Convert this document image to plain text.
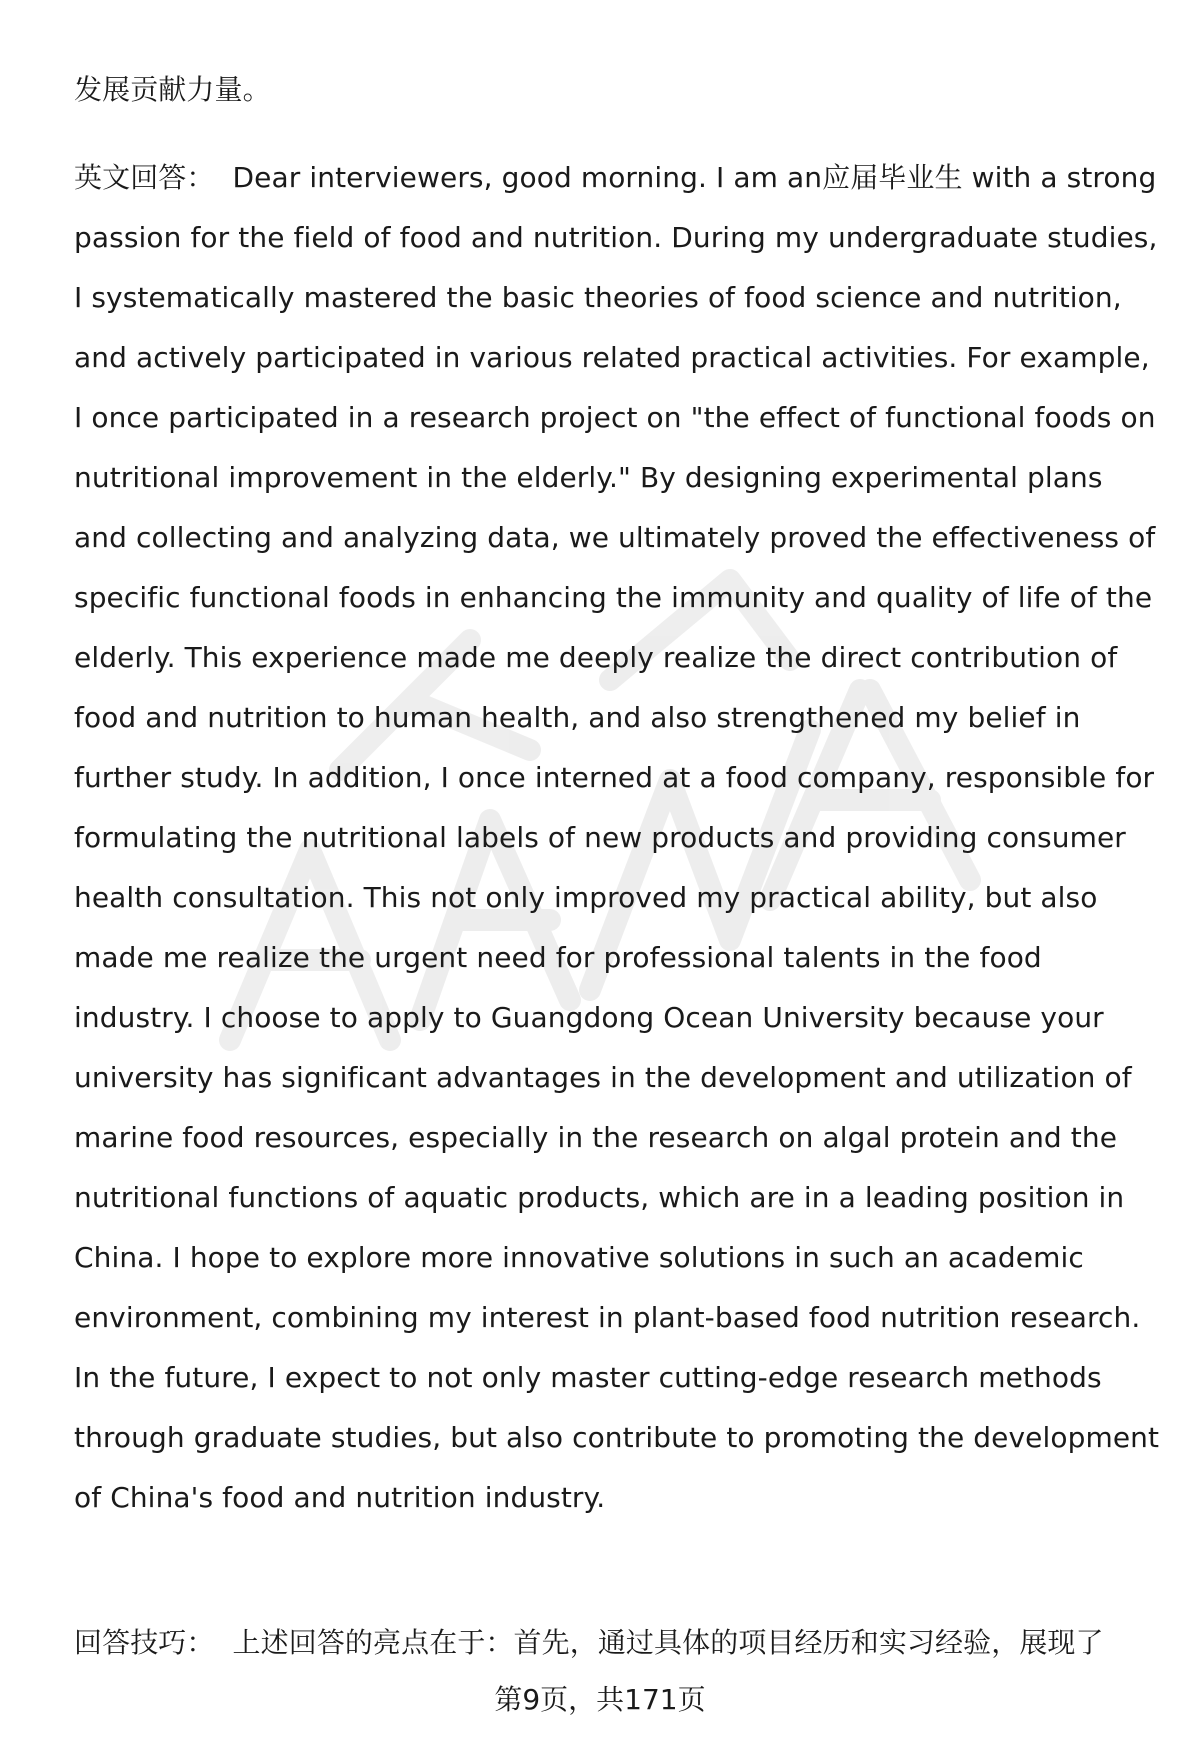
发展贡献力量。

英文回答： Dear interviewers, good morning. I am an应届毕业生 with a strong passion for the field of food and nutrition. During my undergraduate studies, I systematically mastered the basic theories of food science and nutrition, and actively participated in various related practical activities. For example, I once participated in a research project on "the effect of functional foods on nutritional improvement in the elderly." By designing experimental plans and collecting and analyzing data, we ultimately proved the effectiveness of specific functional foods in enhancing the immunity and quality of life of the elderly. This experience made me deeply realize the direct contribution of food and nutrition to human health, and also strengthened my belief in further study. In addition, I once interned at a food company, responsible for formulating the nutritional labels of new products and providing consumer health consultation. This not only improved my practical ability, but also made me realize the urgent need for professional talents in the food industry. I choose to apply to Guangdong Ocean University because your university has significant advantages in the development and utilization of marine food resources, especially in the research on algal protein and the nutritional functions of aquatic products, which are in a leading position in China. I hope to explore more innovative solutions in such an academic environment, combining my interest in plant-based food nutrition research. In the future, I expect to not only master cutting-edge research methods through graduate studies, but also contribute to promoting the development of China's food and nutrition industry.

回答技巧： 上述回答的亮点在于：首先，通过具体的项目经历和实习经验，展现了

第9页，共171页
